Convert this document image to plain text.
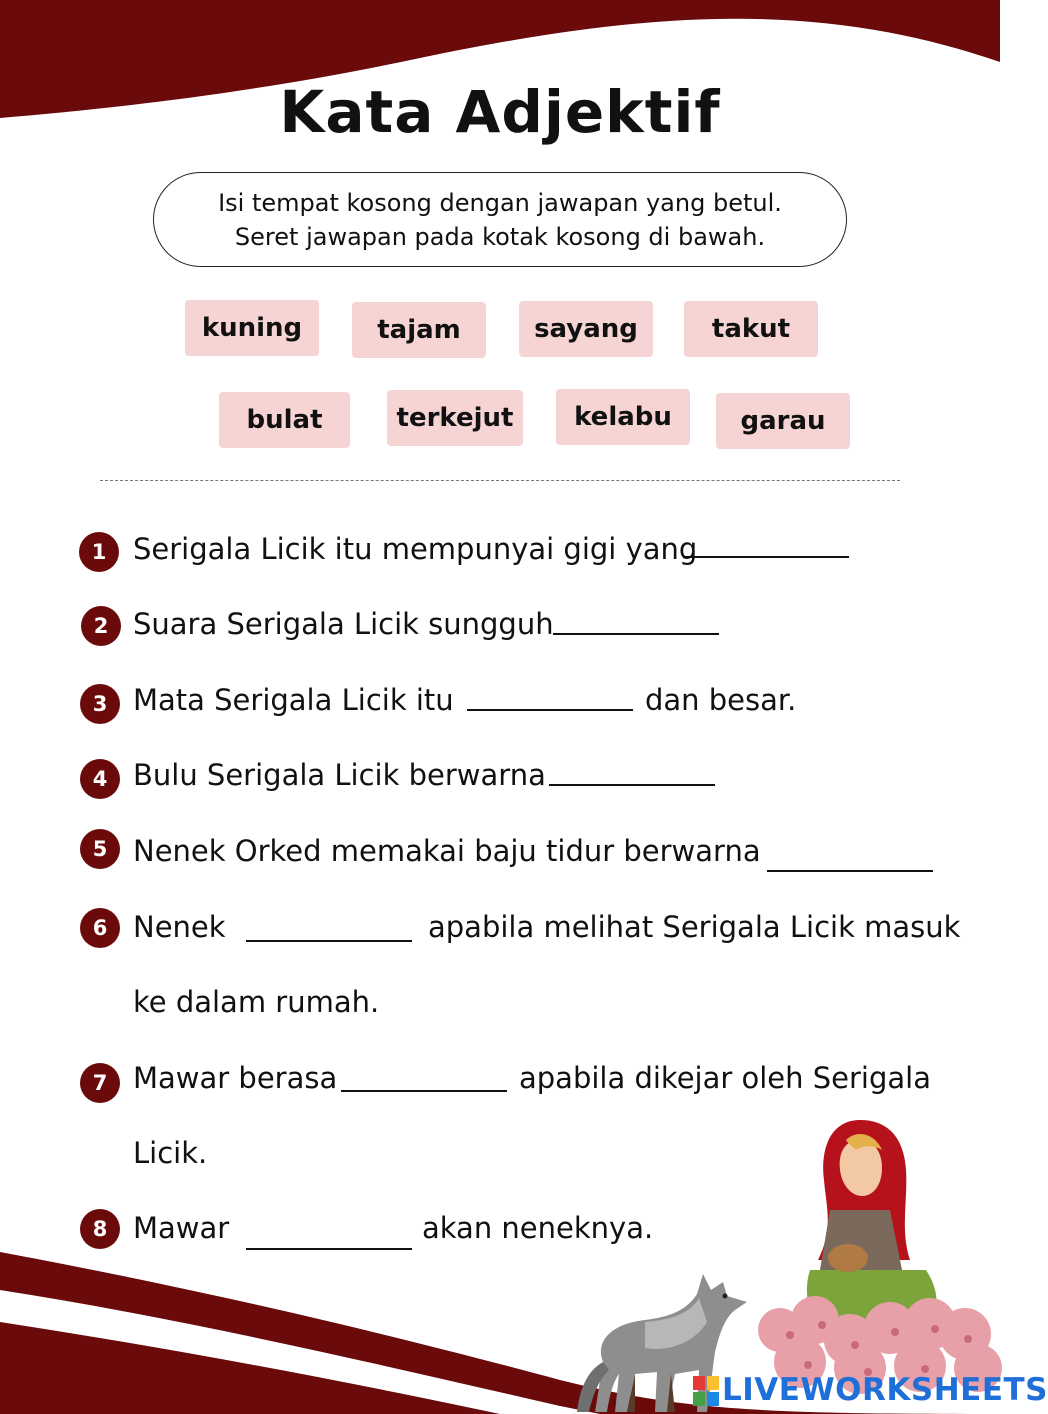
Kata Adjektif
Isi tempat kosong dengan jawapan yang betul.
Seret jawapan pada kotak kosong di bawah.
kuning	tajam	sayang	takut
bulat	terkejut	kelabu	garau
1 Serigala Licik itu mempunyai gigi yang
2 Suara Serigala Licik sungguh
3 Mata Serigala Licik itu	dan besar.
4 Bulu Serigala Licik berwarna
5 Nenek Orked memakai baju tidur berwarna
6 Nenek	apabila melihat Serigala Licik masuk
ke dalam rumah.
7 Mawar berasa	apabila dikejar oleh Serigala
Licik.
8 Mawar	akan neneknya.
LIVEWORKSHEETS
